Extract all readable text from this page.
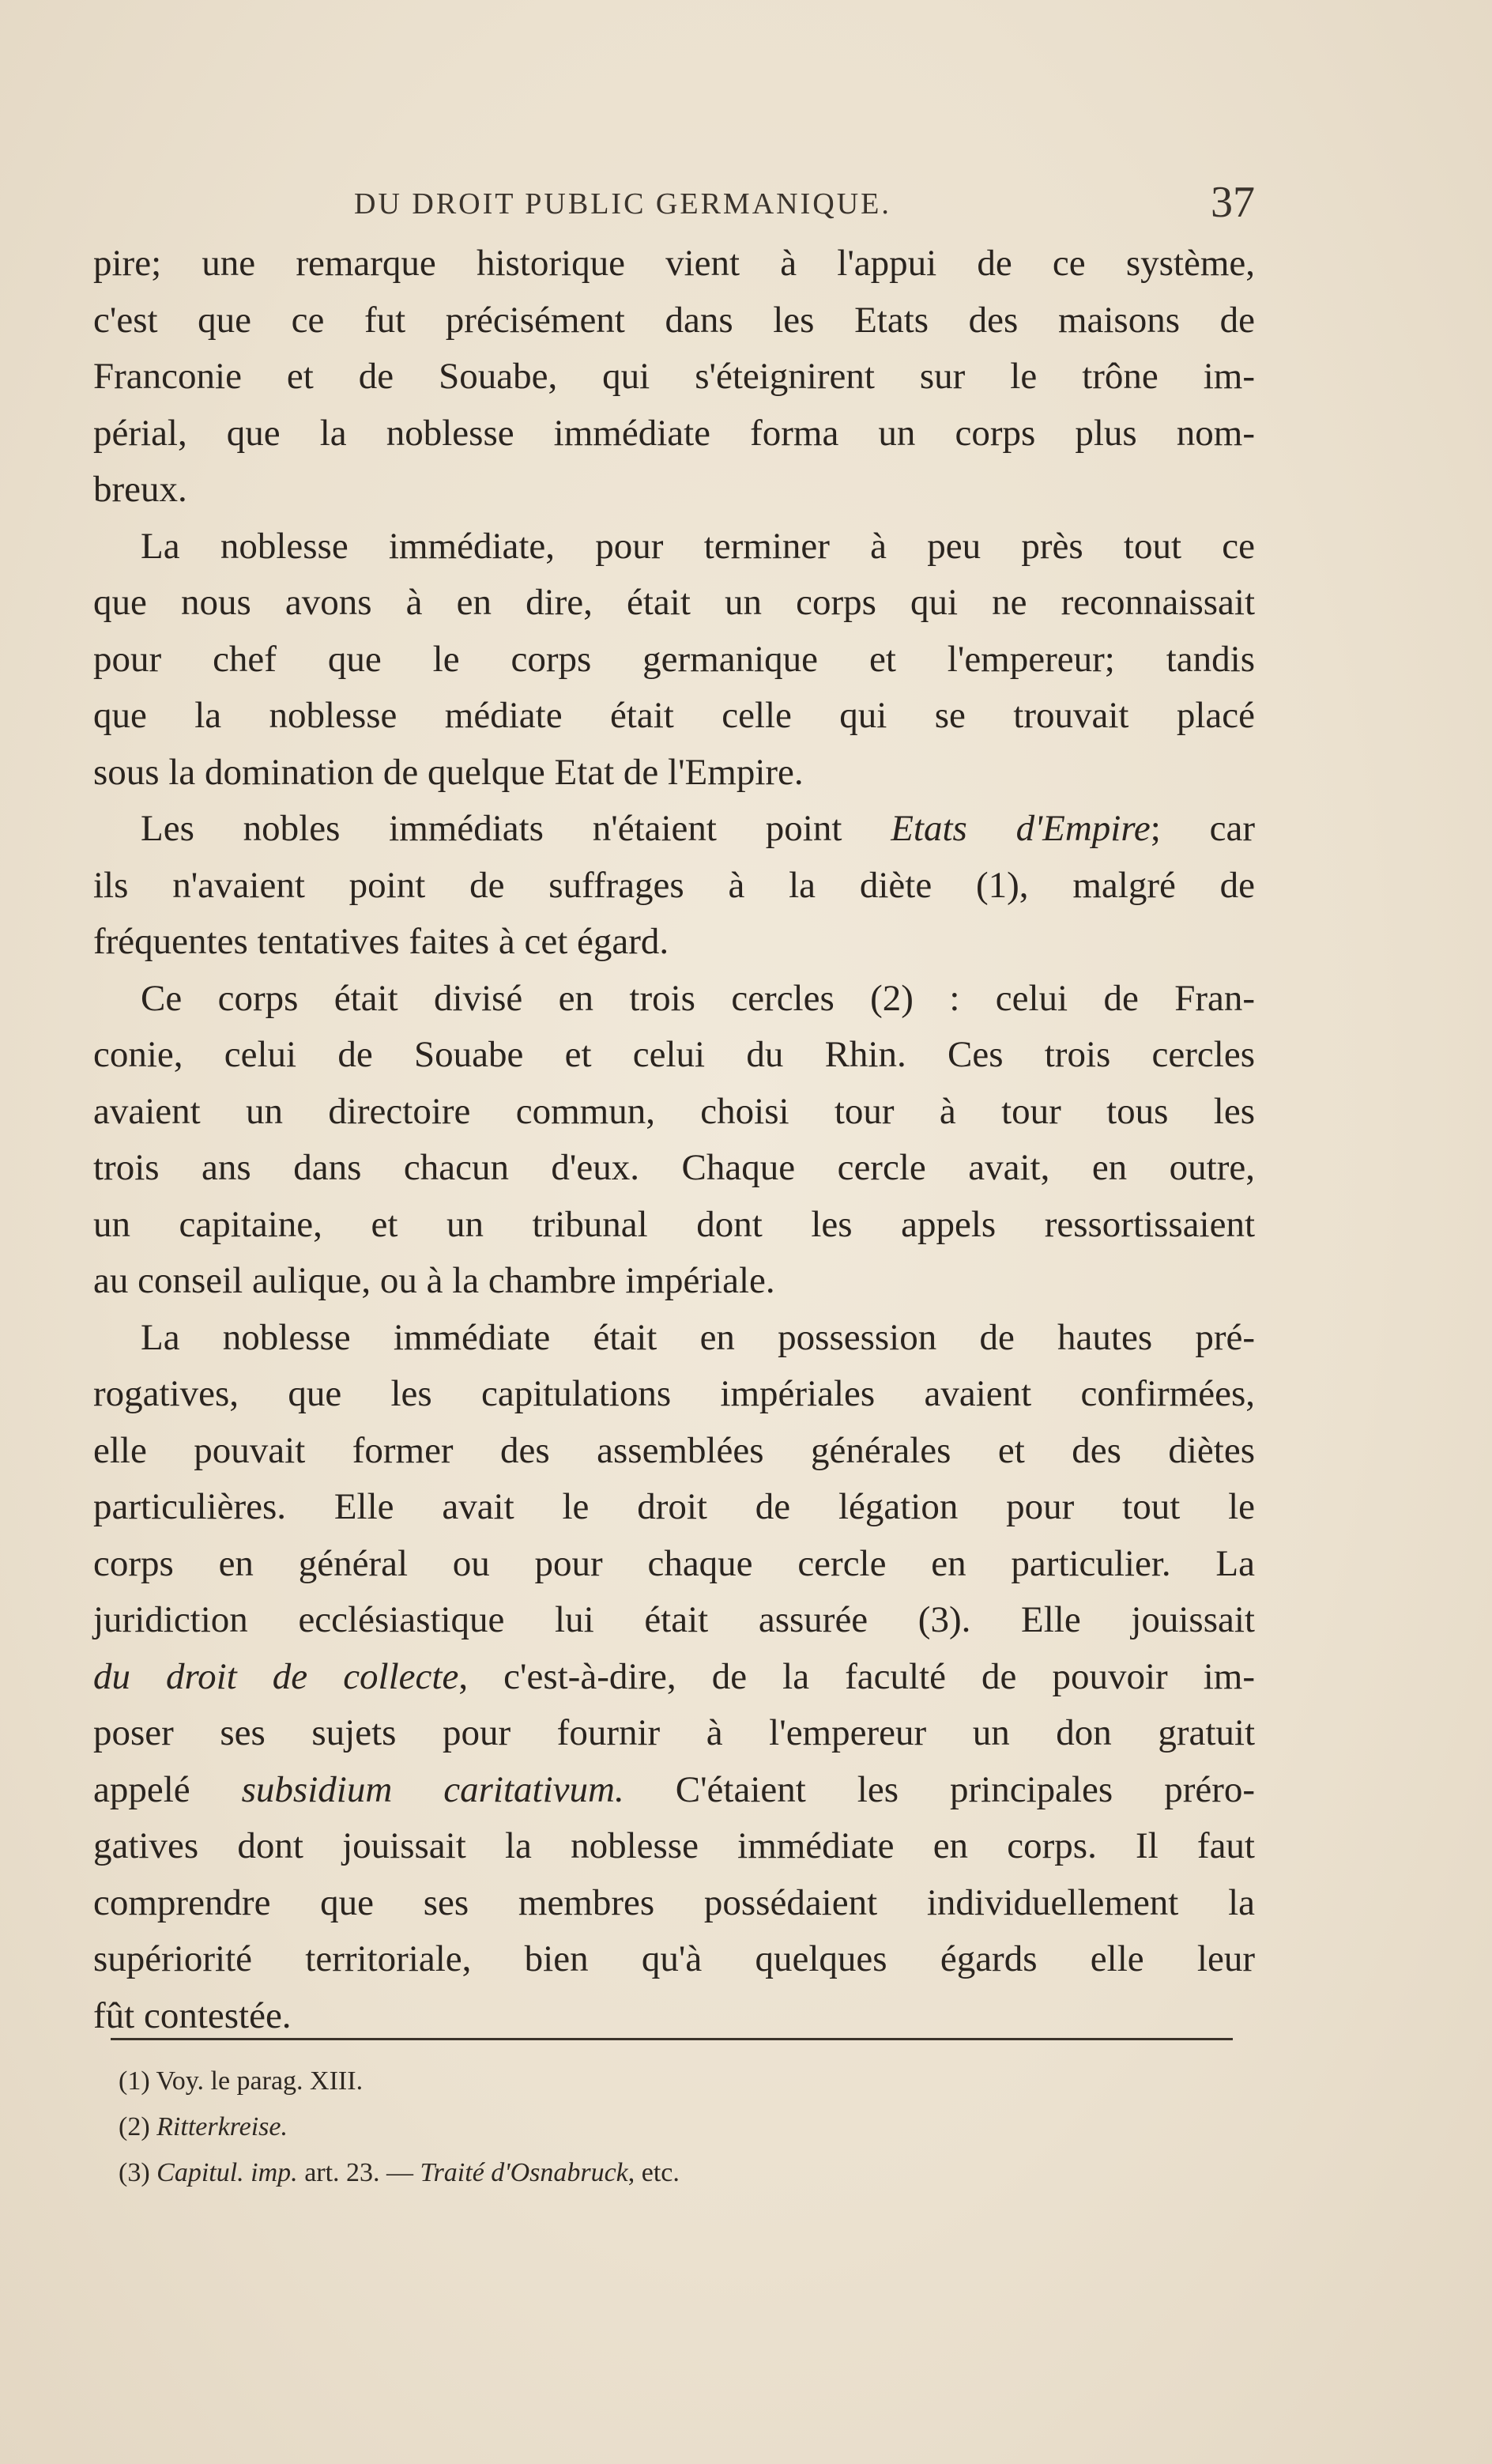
DU DROIT PUBLIC GERMANIQUE.	37
pire; une remarque historique vient à l'appui de ce système,
c'est que ce fut précisément dans les Etats des maisons de
Franconie et de Souabe, qui s'éteignirent sur le trône im-
périal, que la noblesse immédiate forma un corps plus nom-
breux.
La noblesse immédiate, pour terminer à peu près tout ce
que nous avons à en dire, était un corps qui ne reconnaissait
pour chef que le corps germanique et l'empereur; tandis
que la noblesse médiate était celle qui se trouvait placé
sous la domination de quelque Etat de l'Empire.
Les nobles immédiats n'étaient point Etats d'Empire; car
ils n'avaient point de suffrages à la diète (1), malgré de
fréquentes tentatives faites à cet égard.
Ce corps était divisé en trois cercles (2) : celui de Fran-
conie, celui de Souabe et celui du Rhin. Ces trois cercles
avaient un directoire commun, choisi tour à tour tous les
trois ans dans chacun d'eux. Chaque cercle avait, en outre,
un capitaine, et un tribunal dont les appels ressortissaient
au conseil aulique, ou à la chambre impériale.
La noblesse immédiate était en possession de hautes pré-
rogatives, que les capitulations impériales avaient confirmées,
elle pouvait former des assemblées générales et des diètes
particulières. Elle avait le droit de légation pour tout le
corps en général ou pour chaque cercle en particulier. La
juridiction ecclésiastique lui était assurée (3). Elle jouissait
du droit de collecte, c'est-à-dire, de la faculté de pouvoir im-
poser ses sujets pour fournir à l'empereur un don gratuit
appelé subsidium caritativum. C'étaient les principales préro-
gatives dont jouissait la noblesse immédiate en corps. Il faut
comprendre que ses membres possédaient individuellement la
supériorité territoriale, bien qu'à quelques égards elle leur
fût contestée.
(1) Voy. le parag. XIII.
(2) Ritterkreise.
(3) Capitul. imp. art. 23. — Traité d'Osnabruck, etc.
